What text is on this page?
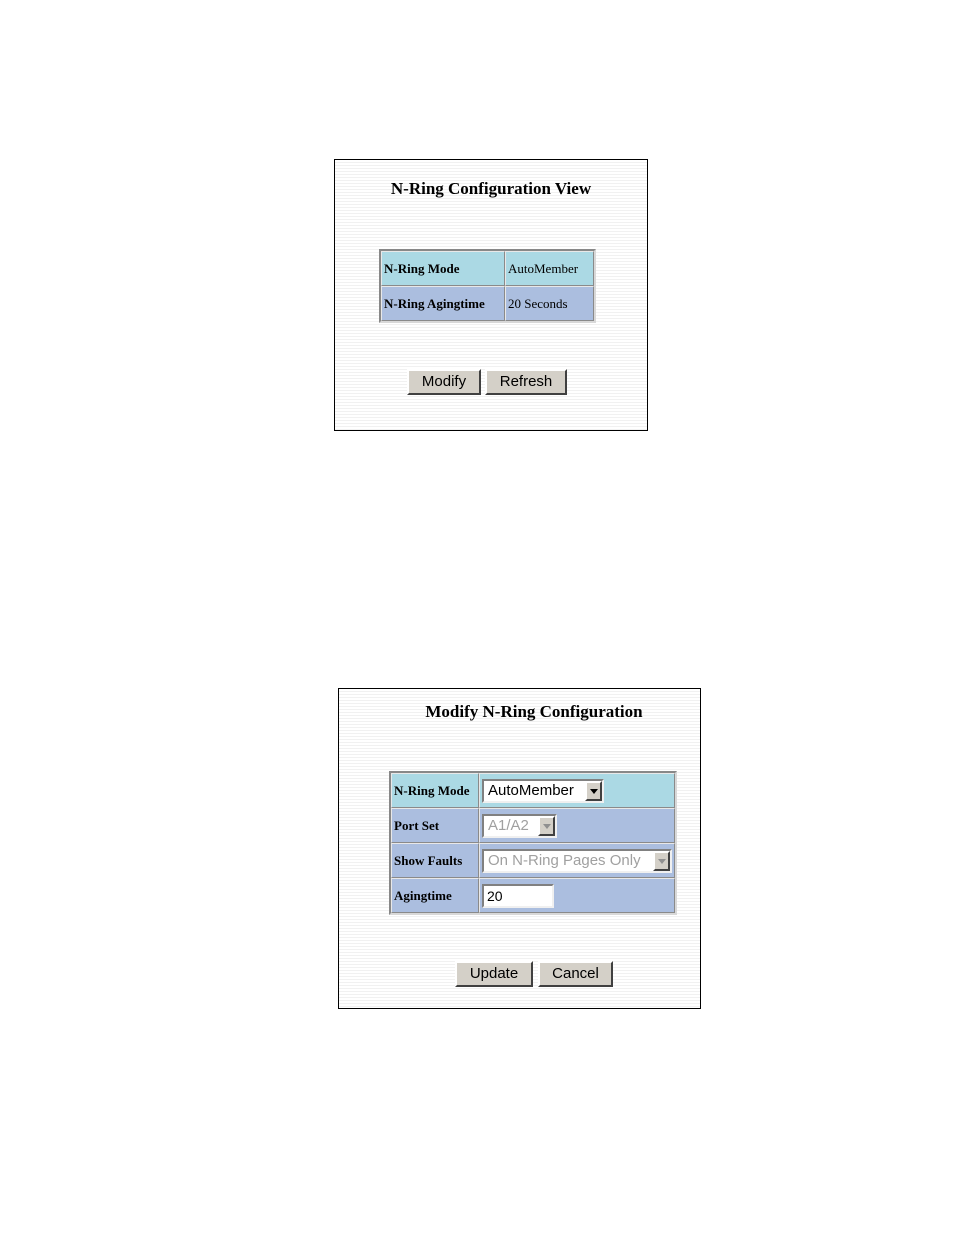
N-Ring Configuration View
N-Ring Mode	AutoMember
N-Ring Agingtime	20 Seconds
Modify	Refresh
Modify N-Ring Configuration
N-Ring Mode	AutoMember

Port Set	A1/A2

Show Faults	On N-Ring Pages Only

Agingtime	20
Update	Cancel
